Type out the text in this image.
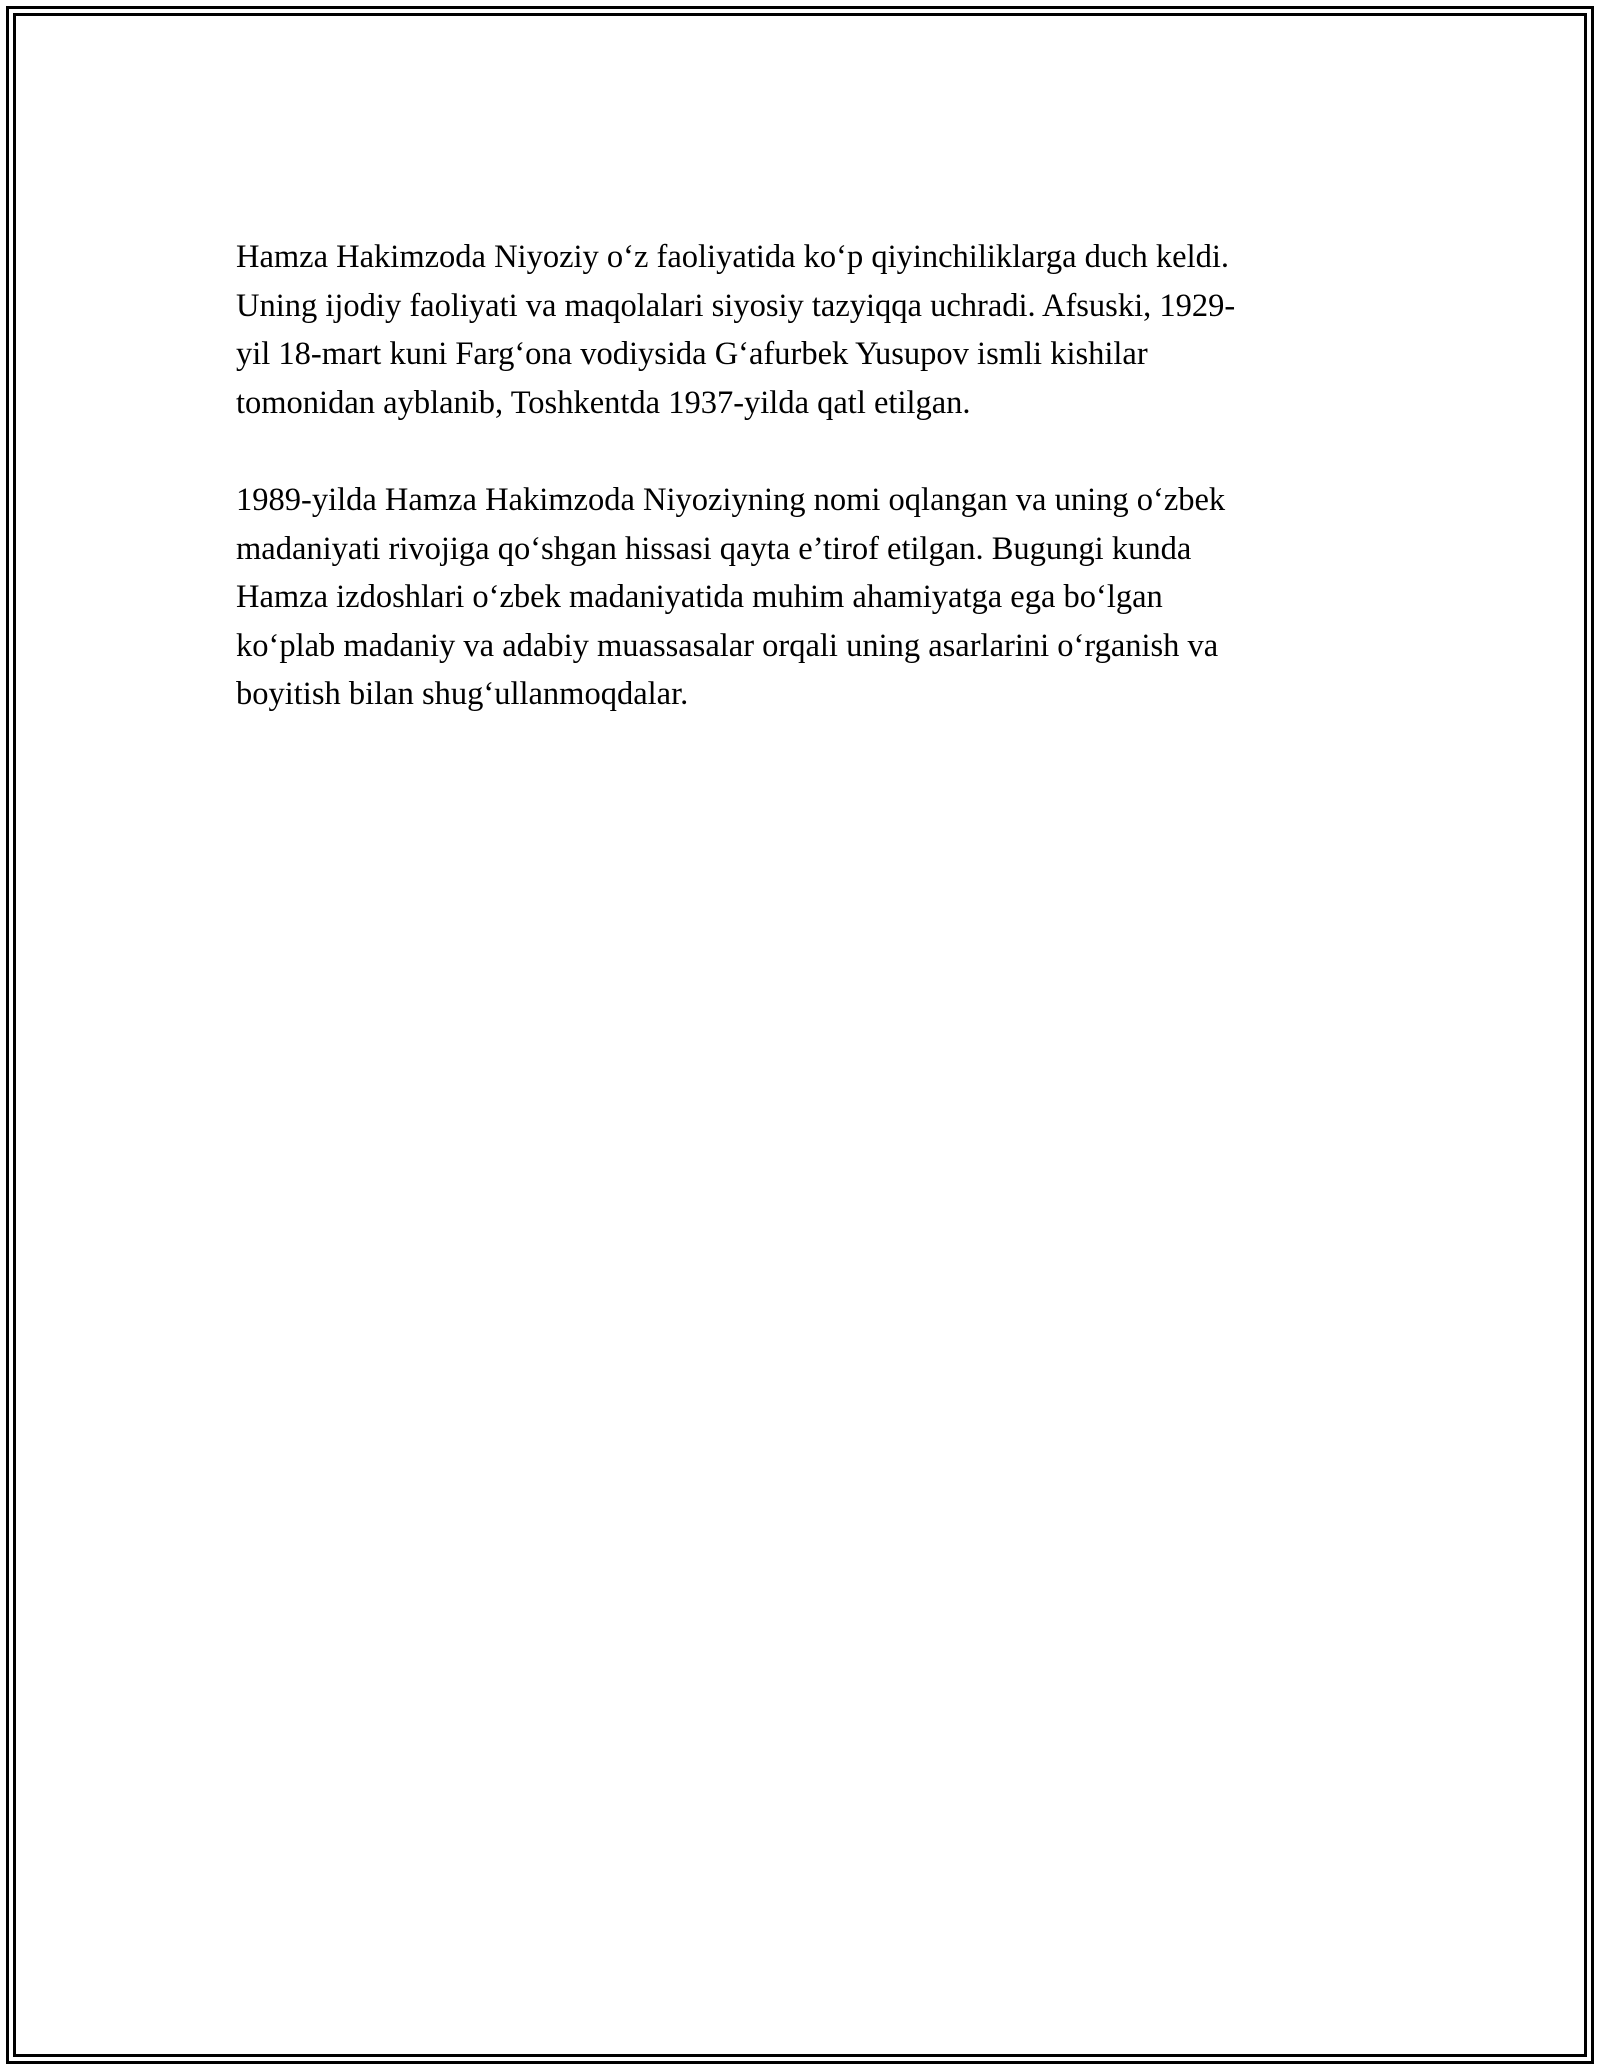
Hamza Hakimzoda Niyoziy o‘z faoliyatida ko‘p qiyinchiliklarga duch keldi.
Uning ijodiy faoliyati va maqolalari siyosiy tazyiqqa uchradi. Afsuski, 1929-
yil 18-mart kuni Farg‘ona vodiysida G‘afurbek Yusupov ismli kishilar
tomonidan ayblanib, Toshkentda 1937-yilda qatl etilgan.

1989-yilda Hamza Hakimzoda Niyoziyning nomi oqlangan va uning o‘zbek
madaniyati rivojiga qo‘shgan hissasi qayta e’tirof etilgan. Bugungi kunda
Hamza izdoshlari o‘zbek madaniyatida muhim ahamiyatga ega bo‘lgan
ko‘plab madaniy va adabiy muassasalar orqali uning asarlarini o‘rganish va
boyitish bilan shug‘ullanmoqdalar.
